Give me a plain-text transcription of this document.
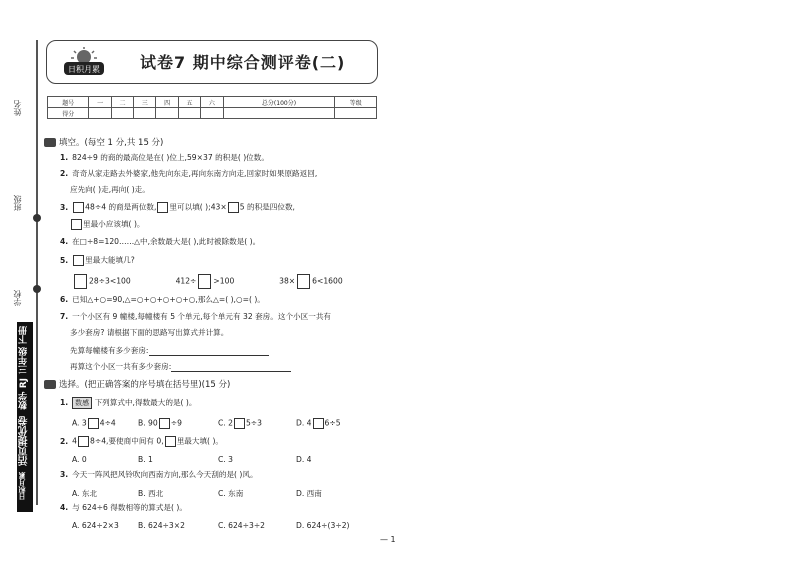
姓名
班级
学校
三年级 下册
数学 RJ
活页提优卷
日积月累
日积月累	试卷7 期中综合测评卷(二)
题号	一	二	三	四	五	六	总分(100分)	等级
得分								
填空。(每空 1 分,共 15 分)
1. 824÷9 的商的最高位是在( )位上,59×37 的积是( )位数。
2. 奇奇从家走路去外婆家,他先向东走,再向东南方向走,回家时如果原路返回,
应先向( )走,再向( )走。
3. 48÷4 的商是两位数, 里可以填( );43× 5 的积是四位数,
里最小应该填( )。
4. 在□÷8=120……△中,余数最大是( ),此时被除数是( )。
5. 里最大能填几?
28÷3<100	412÷ >100	38× 6<1600
6. 已知△+○=90,△=○+○+○+○+○,那么△=( ),○=( )。
7. 一个小区有 9 幢楼,每幢楼有 5 个单元,每个单元有 32 套房。这个小区一共有
多少套房? 请根据下面的思路写出算式并计算。
先算每幢楼有多少套房:
再算这个小区一共有多少套房:
选择。(把正确答案的序号填在括号里)(15 分)
1. 数感 下列算式中,得数最大的是( )。
A. 3 4÷4	B. 90 ÷9	C. 2 5÷3	D. 4 6÷5
2. 4 8÷4,要使商中间有 0, 里最大填( )。
A. 0	B. 1	C. 3	D. 4
3. 今天一阵风把风铃吹向西南方向,那么今天刮的是( )风。
A. 东北	B. 西北	C. 东南	D. 西南
4. 与 624÷6 得数相等的算式是( )。
A. 624÷2×3	B. 624÷3×2	C. 624÷3÷2	D. 624÷(3÷2)
— 1
